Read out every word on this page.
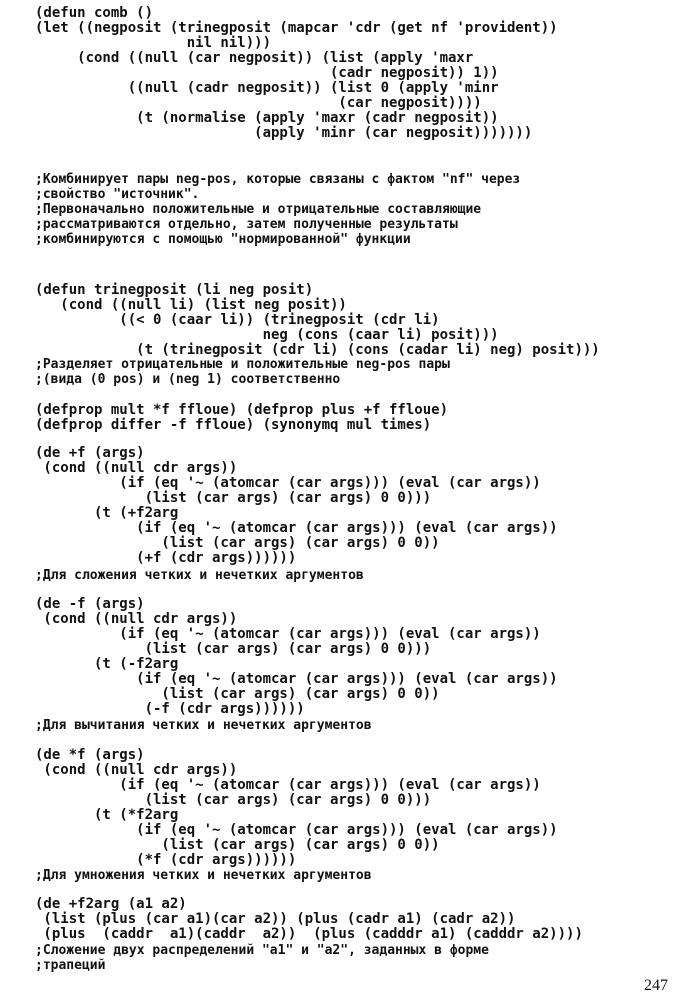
(defun comb ()

(let ((negposit (trinegposit (mapcar 'cdr (get nf 'provident))

nil nil)))

(cond ((null (car negposit)) (list (apply 'maxr

(cadr negposit)) 1))

((null (cadr negposit)) (list 0 (apply 'minr

(car negposit))))

(t (normalise (apply 'maxr (cadr negposit))

(apply 'minr (car negposit)))))))

;Комбинирует пары neg-pos, которые связаны с фактом "nf" через

;свойство "источник".

;Первоначально положительные и отрицательные составляющие

;рассматриваются отдельно, затем полученные результаты

;комбинируются с помощью "нормированной" функции

(defun trinegposit (li neg posit)

(cond ((null li) (list neg posit))

((< 0 (caar li)) (trinegposit (cdr li)

neg (cons (caar li) posit)))

(t (trinegposit (cdr li) (cons (cadar li) neg) posit)))

;Разделяет отрицательные и положительные neg-pos пары

;(вида (0 pos) и (neg 1) соответственно

(defprop mult *f ffloue) (defprop plus +f ffloue)

(defprop differ -f ffloue) (synonymq mul times)

(de +f (args)

(cond ((null cdr args))

(if (eq '~ (atomcar (car args))) (eval (car args))

(list (car args) (car args) 0 0)))

(t (+f2arg

(if (eq '~ (atomcar (car args))) (eval (car args))

(list (car args) (car args) 0 0))

(+f (cdr args))))))

;Для сложения четких и нечетких аргументов

(de -f (args)

(cond ((null cdr args))

(if (eq '~ (atomcar (car args))) (eval (car args))

(list (car args) (car args) 0 0)))

(t (-f2arg

(if (eq '~ (atomcar (car args))) (eval (car args))

(list (car args) (car args) 0 0))

(-f (cdr args))))))

;Для вычитания четких и нечетких аргументов

(de *f (args)

(cond ((null cdr args))

(if (eq '~ (atomcar (car args))) (eval (car args))

(list (car args) (car args) 0 0)))

(t (*f2arg

(if (eq '~ (atomcar (car args))) (eval (car args))

(list (car args) (car args) 0 0))

(*f (cdr args))))))

;Для умножения четких и нечетких аргументов

(de +f2arg (a1 a2)

(list (plus (car a1)(car a2)) (plus (cadr a1) (cadr a2))

(plus  (caddr  a1)(caddr  a2))  (plus (cadddr a1) (cadddr a2))))

;Сложение двух распределений "a1" и "a2", заданных в форме

;трапеций

247
